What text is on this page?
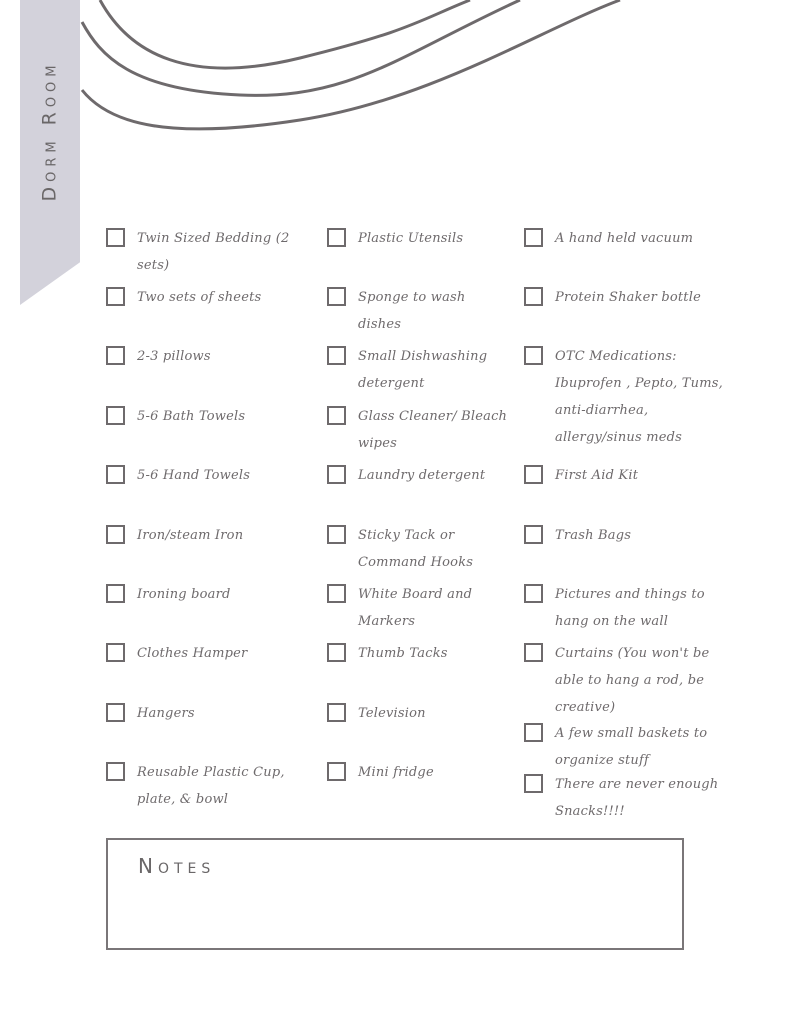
Dorm Room
Twin Sized Bedding (2 sets)
Two sets of sheets
2-3 pillows
5-6 Bath Towels
5-6 Hand Towels
Iron/steam Iron
Ironing board
Clothes Hamper
Hangers
Reusable Plastic Cup, plate, & bowl
Plastic Utensils
Sponge to wash dishes
Small Dishwashing detergent
Glass Cleaner/ Bleach wipes
Laundry detergent
Sticky Tack or Command Hooks
White Board and Markers
Thumb Tacks
Television
Mini fridge
A hand held vacuum
Protein Shaker bottle
OTC Medications: Ibuprofen , Pepto, Tums, anti-diarrhea, allergy/sinus meds
First Aid Kit
Trash Bags
Pictures and things to hang on the wall
Curtains (You won't be able to hang a rod, be creative)
A few small baskets to organize stuff
There are never enough Snacks!!!!
Notes
